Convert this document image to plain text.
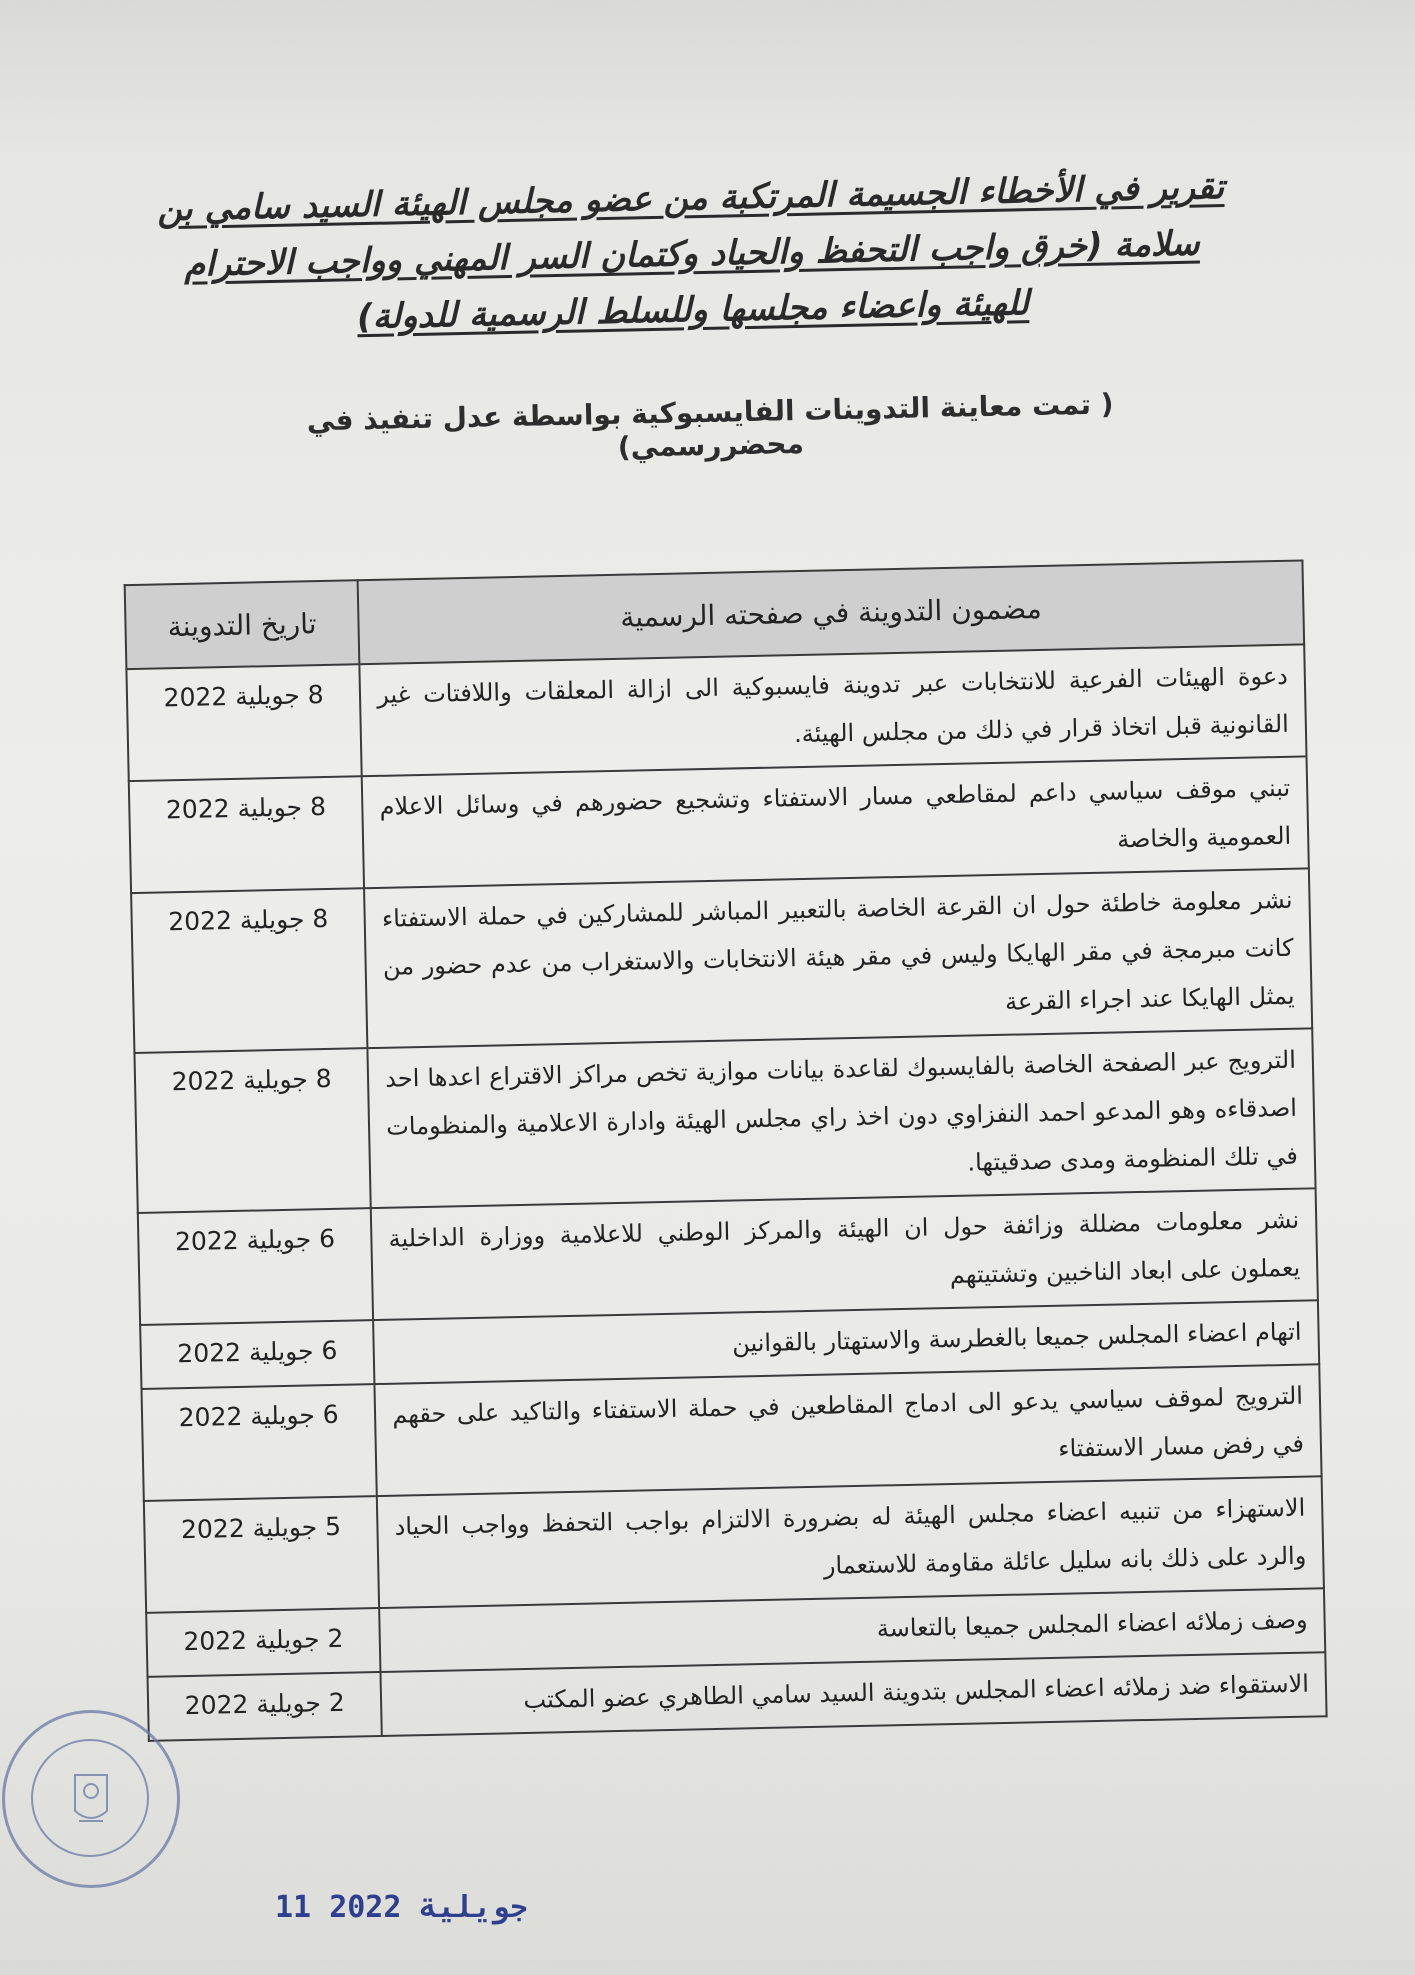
تقرير في الأخطاء الجسيمة المرتكبة من عضو مجلس الهيئة السيد سامي بن
سلامة (خرق واجب التحفظ والحياد وكتمان السر المهني وواجب الاحترام
للهيئة واعضاء مجلسها وللسلط الرسمية للدولة)
( تمت معاينة التدوينات الفايسبوكية بواسطة عدل تنفيذ في محضررسمي)
مضمون التدوينة في صفحته الرسمية	تاريخ التدوينة
دعوة الهيئات الفرعية للانتخابات عبر تدوينة فايسبوكية الى ازالة المعلقات واللافتات غير القانونية قبل اتخاذ قرار في ذلك من مجلس الهيئة.	8 جويلية 2022
تبني موقف سياسي داعم لمقاطعي مسار الاستفتاء وتشجيع حضورهم في وسائل الاعلام العمومية والخاصة	8 جويلية 2022
نشر معلومة خاطئة حول ان القرعة الخاصة بالتعبير المباشر للمشاركين في حملة الاستفتاء كانت مبرمجة في مقر الهايكا وليس في مقر هيئة الانتخابات والاستغراب من عدم حضور من يمثل الهايكا عند اجراء القرعة	8 جويلية 2022
الترويج عبر الصفحة الخاصة بالفايسبوك لقاعدة بيانات موازية تخص مراكز الاقتراع اعدها احد اصدقاءه وهو المدعو احمد النفزاوي دون اخذ راي مجلس الهيئة وادارة الاعلامية والمنظومات في تلك المنظومة ومدى صدقيتها.	8 جويلية 2022
نشر معلومات مضللة وزائفة حول ان الهيئة والمركز الوطني للاعلامية ووزارة الداخلية يعملون على ابعاد الناخبين وتشتيتهم	6 جويلية 2022
اتهام اعضاء المجلس جميعا بالغطرسة والاستهتار بالقوانين	6 جويلية 2022
الترويج لموقف سياسي يدعو الى ادماج المقاطعين في حملة الاستفتاء والتاكيد على حقهم في رفض مسار الاستفتاء	6 جويلية 2022
الاستهزاء من تنبيه اعضاء مجلس الهيئة له بضرورة الالتزام بواجب التحفظ وواجب الحياد والرد على ذلك بانه سليل عائلة مقاومة للاستعمار	5 جويلية 2022
وصف زملائه اعضاء المجلس جميعا بالتعاسة	2 جويلية 2022
الاستقواء ضد زملائه اعضاء المجلس بتدوينة السيد سامي الطاهري عضو المكتب	2 جويلية 2022
11 جويلية 2022
